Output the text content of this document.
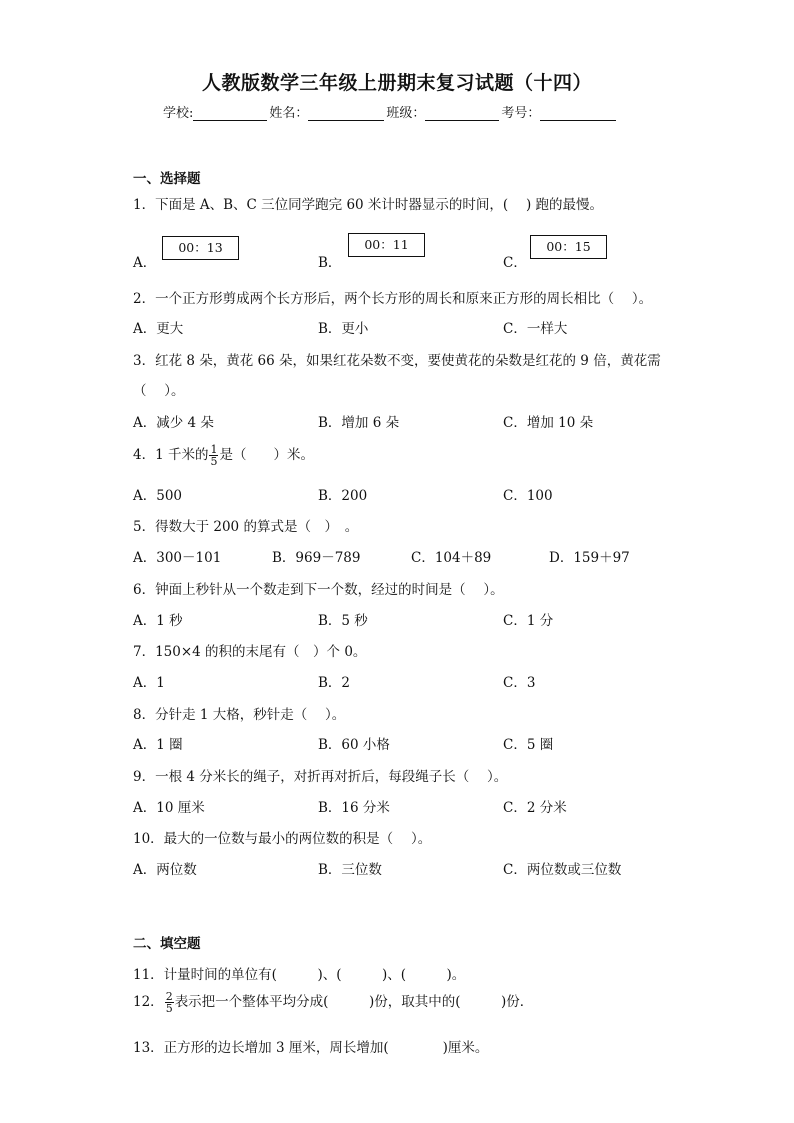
人教版数学三年级上册期末复习试题（十四）
学校:	姓名：	班级：	考号：
一、选择题
1．下面是 A、B、C 三位同学跑完 60 米计时器显示的时间，(　 ) 跑的最慢。
A．
00：13
B．
00：11
C．
00：15
2．一个正方形剪成两个长方形后，两个长方形的周长和原来正方形的周长相比（　 ）。
A．更大	B．更小	C．一样大
3．红花 8 朵，黄花 66 朵，如果红花朵数不变，要使黄花的朵数是红花的 9 倍，黄花需
（　 ）。
A．减少 4 朵	B．增加 6 朵	C．增加 10 朵
4．1 千米的 $\frac{1}{5}$ 是（　　）米。
A．500	B．200	C．100
5．得数大于 200 的算式是（　）　。
A．300－101	B．969－789	C．104＋89	D．159＋97
6．钟面上秒针从一个数走到下一个数，经过的时间是（　 ）。
A．1 秒	B．5 秒	C．1 分
7．150×4 的积的末尾有（　）个 0。
A．1	B．2	C．3
8．分针走 1 大格，秒针走（　 ）。
A．1 圈	B．60 小格	C．5 圈
9．一根 4 分米长的绳子，对折再对折后，每段绳子长（　 ）。
A．10 厘米	B．16 分米	C．2 分米
10．最大的一位数与最小的两位数的积是（　 ）。
A．两位数	B．三位数	C．两位数或三位数
二、填空题
11．计量时间的单位有(　　　)、(　　　)、(　　　)。
12． $\frac{2}{5}$ 表示把一个整体平均分成(　　　)份，取其中的(　　　)份．
13．正方形的边长增加 3 厘米，周长增加(　　　　)厘米。
